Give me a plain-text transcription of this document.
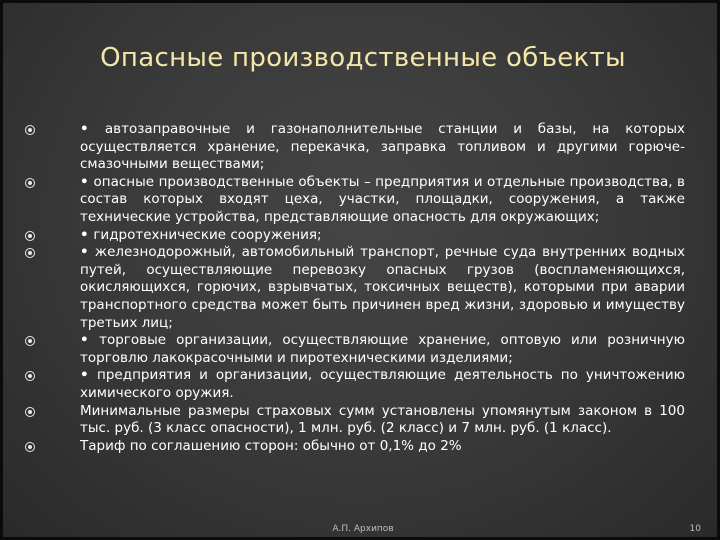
Опасные производственные объекты
• автозаправочные и газонаполнительные станции и базы, на которых осуществляется хранение, перекачка, заправка топливом и другими горюче-смазочными веществами;
• опасные производственные объекты – предприятия и отдельные производства, в состав которых входят цеха, участки, площадки, сооружения, а также технические устройства, представляющие опасность для окружающих;
• гидротехнические сооружения;
• железнодорожный, автомобильный транспорт, речные суда внутренних водных путей, осуществляющие перевозку опасных грузов (воспламеняющихся, окисляющихся, горючих, взрывчатых, токсичных веществ), которыми при аварии транспортного средства может быть причинен вред жизни, здоровью и имуществу третьих лиц;
• торговые организации, осуществляющие хранение, оптовую или розничную торговлю лакокрасочными и пиротехническими изделиями;
• предприятия и организации, осуществляющие деятельность по уничтожению химического оружия.
Минимальные размеры страховых сумм установлены упомянутым законом в 100 тыс. руб. (3 класс опасности), 1 млн. руб. (2 класс) и 7 млн. руб. (1 класс).
Тариф по соглашению сторон: обычно от 0,1% до 2%
А.П. Архипов	10
